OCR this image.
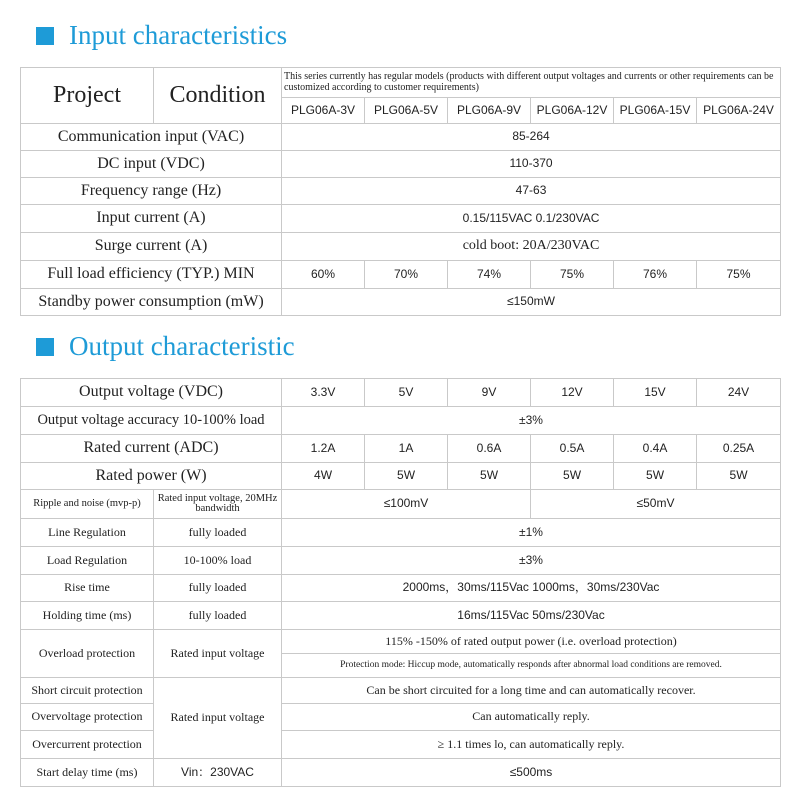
Input characteristics
Project	Condition	This series currently has regular models (products with different output voltages and currents or other requirements can be customized according to customer requirements)					
		PLG06A-3V	PLG06A-5V	PLG06A-9V	PLG06A-12V	PLG06A-15V	PLG06A-24V
Communication input (VAC)		85-264					
DC input (VDC)		110-370					
Frequency range (Hz)		47-63					
Input current (A)		0.15/115VAC 0.1/230VAC					
Surge current (A)		cold boot: 20A/230VAC					
Full load efficiency (TYP.) MIN		60%	70%	74%	75%	76%	75%
Standby power consumption (mW)		≤150mW					
Output characteristic
Output voltage (VDC)		3.3V	5V	9V	12V	15V	24V
Output voltage accuracy 10-100% load		±3%					
Rated current (ADC)		1.2A	1A	0.6A	0.5A	0.4A	0.25A
Rated power (W)		4W	5W	5W	5W	5W	5W
Ripple and noise (mvp-p)	Rated input voltage, 20MHz bandwidth	≤100mV			≤50mV		
Line Regulation	fully loaded	±1%					
Load Regulation	10-100% load	±3%					
Rise time	fully loaded	2000ms，30ms/115Vac 1000ms，30ms/230Vac					
Holding time (ms)	fully loaded	16ms/115Vac 50ms/230Vac					
Overload protection	Rated input voltage	115% -150% of rated output power (i.e. overload protection)					
		Protection mode: Hiccup mode, automatically responds after abnormal load conditions are removed.					
Short circuit protection	Rated input voltage	Can be short circuited for a long time and can automatically recover.					
Overvoltage protection		Can automatically reply.					
Overcurrent protection		≥ 1.1 times lo, can automatically reply.					
Start delay time (ms)	Vin：230VAC	≤500ms					
